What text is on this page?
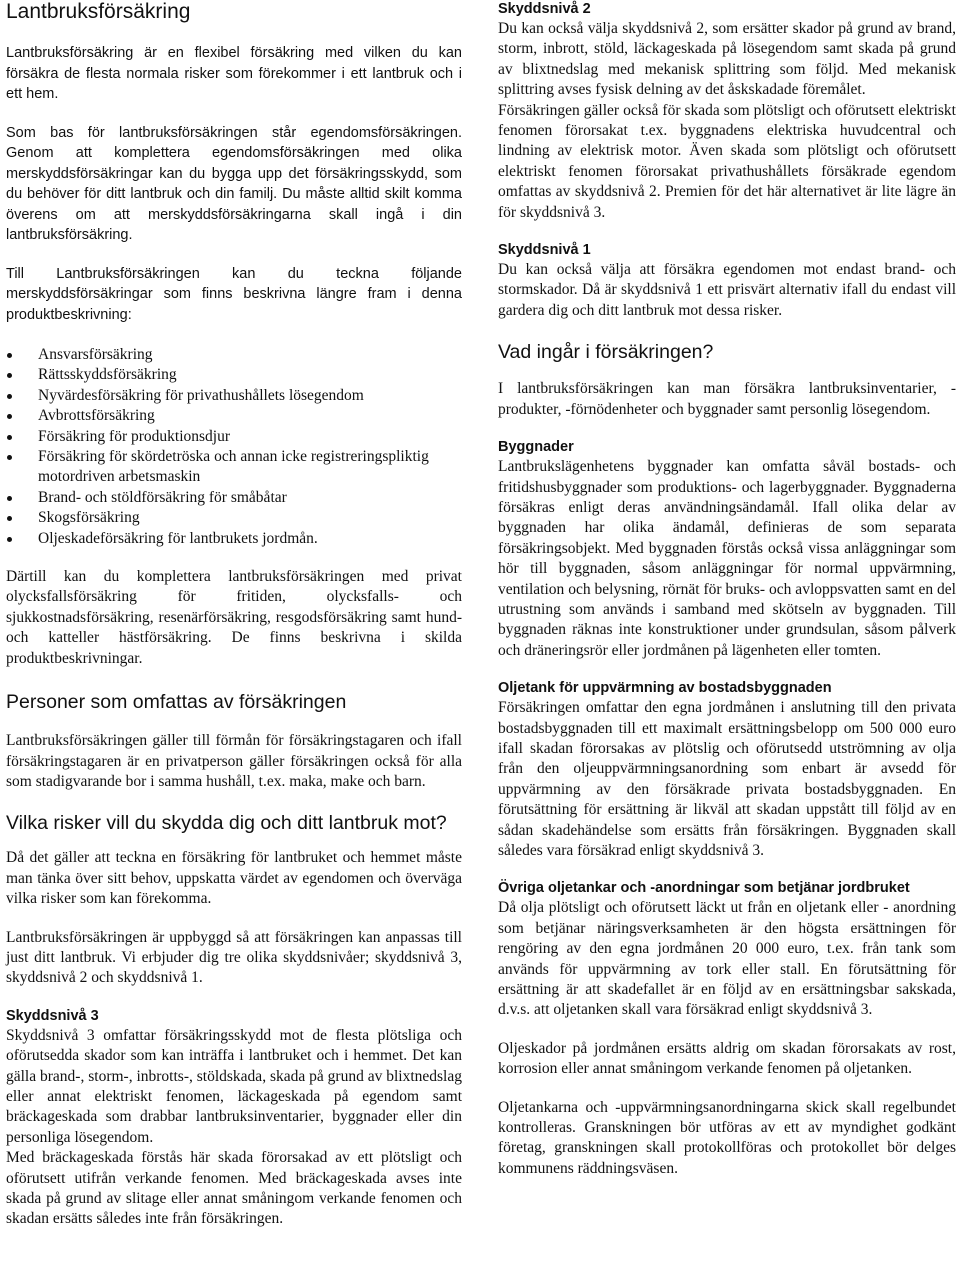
Lantbruksförsäkring

Lantbruksförsäkring är en flexibel försäkring med vilken du kan försäkra de flesta normala risker som förekommer i ett lantbruk och i ett hem.

Som bas för lantbruksförsäkringen står egendomsförsäkringen. Genom att komplettera egendomsförsäkringen med olika merskyddsförsäkringar kan du bygga upp det försäkringsskydd, som du behöver för ditt lantbruk och din familj. Du måste alltid skilt komma överens om att merskyddsförsäkringarna skall ingå i din lantbruksförsäkring.

Till Lantbruksförsäkringen kan du teckna följande merskyddsförsäkringar som finns beskrivna längre fram i denna produktbeskrivning:

Ansvarsförsäkring
Rättsskyddsförsäkring
Nyvärdesförsäkring för privathushållets lösegendom
Avbrottsförsäkring
Försäkring för produktionsdjur
Försäkring för skördetröska och annan icke registreringspliktig motordriven arbetsmaskin
Brand- och stöldförsäkring för småbåtar
Skogsförsäkring
Oljeskadeförsäkring för lantbrukets jordmån.

Därtill kan du komplettera lantbruksförsäkringen med privat olycksfallsförsäkring för fritiden, olycksfalls- och sjukkostnadsförsäkring, resenärförsäkring, resgodsförsäkring samt hund- och katteller hästförsäkring. De finns beskrivna i skilda produktbeskrivningar.

Personer som omfattas av försäkringen

Lantbruksförsäkringen gäller till förmån för försäkringstagaren och ifall försäkringstagaren är en privatperson gäller försäkringen också för alla som stadigvarande bor i samma hushåll, t.ex. maka, make och barn.

Vilka risker vill du skydda dig och ditt lantbruk mot?

Då det gäller att teckna en försäkring för lantbruket och hemmet måste man tänka över sitt behov, uppskatta värdet av egendomen och överväga vilka risker som kan förekomma.

Lantbruksförsäkringen är uppbyggd så att försäkringen kan anpassas till just ditt lantbruk. Vi erbjuder dig tre olika skyddsnivåer; skyddsnivå 3, skyddsnivå 2 och skyddsnivå 1.

Skyddsnivå 3

Skyddsnivå 3 omfattar försäkringsskydd mot de flesta plötsliga och oförutsedda skador som kan inträffa i lantbruket och i hemmet. Det kan gälla brand-, storm-, inbrotts-, stöldskada, skada på grund av blixtnedslag eller annat elektriskt fenomen, läckageskada på egendom samt bräckageskada som drabbar lantbruksinventarier, byggnader eller din personliga lösegendom.

Med bräckageskada förstås här skada förorsakad av ett plötsligt och oförutsett utifrån verkande fenomen. Med bräckageskada avses inte skada på grund av slitage eller annat småningom verkande fenomen och skadan ersätts således inte från försäkringen.

Skyddsnivå 2

Du kan också välja skyddsnivå 2, som ersätter skador på grund av brand, storm, inbrott, stöld, läckageskada på lösegendom samt skada på grund av blixtnedslag med mekanisk splittring som följd. Med mekanisk splittring avses fysisk delning av det åskskadade föremålet.

Försäkringen gäller också för skada som plötsligt och oförutsett elektriskt fenomen förorsakat t.ex. byggnadens elektriska huvudcentral och lindning av elektrisk motor. Även skada som plötsligt och oförutsett elektriskt fenomen förorsakat privathushållets försäkrade egendom omfattas av skyddsnivå 2. Premien för det här alternativet är lite lägre än för skyddsnivå 3.

Skyddsnivå 1

Du kan också välja att försäkra egendomen mot endast brand- och stormskador. Då är skyddsnivå 1 ett prisvärt alternativ ifall du endast vill gardera dig och ditt lantbruk mot dessa risker.

Vad ingår i försäkringen?

I lantbruksförsäkringen kan man försäkra lantbruksinventarier, - produkter, -förnödenheter och byggnader samt personlig lösegendom.

Byggnader

Lantbrukslägenhetens byggnader kan omfatta såväl bostads- och fritidshusbyggnader som produktions- och lagerbyggnader. Byggnaderna försäkras enligt deras användningsändamål. Ifall olika delar av byggnaden har olika ändamål, definieras de som separata försäkringsobjekt. Med byggnaden förstås också vissa anläggningar som hör till byggnaden, såsom anläggningar för normal uppvärmning, ventilation och belysning, rörnät för bruks- och avloppsvatten samt en del utrustning som används i samband med skötseln av byggnaden. Till byggnaden räknas inte konstruktioner under grundsulan, såsom pålverk och dräneringsrör eller jordmånen på lägenheten eller tomten.

Oljetank för uppvärmning av bostadsbyggnaden

Försäkringen omfattar den egna jordmånen i anslutning till den privata bostadsbyggnaden till ett maximalt ersättningsbelopp om 500 000 euro ifall skadan förorsakas av plötslig och oförutsedd utströmning av olja från den oljeuppvärmningsanordning som enbart är avsedd för uppvärmning av den försäkrade privata bostadsbyggnaden. En förutsättning för ersättning är likväl att skadan uppstått till följd av en sådan skadehändelse som ersätts från försäkringen. Byggnaden skall således vara försäkrad enligt skyddsnivå 3.

Övriga oljetankar och -anordningar som betjänar jordbruket

Då olja plötsligt och oförutsett läckt ut från en oljetank eller - anordning som betjänar näringsverksamheten är den högsta ersättningen för rengöring av den egna jordmånen 20 000 euro, t.ex. från tank som används för uppvärmning av tork eller stall. En förutsättning för ersättning är att skadefallet är en följd av en ersättningsbar sakskada, d.v.s. att oljetanken skall vara försäkrad enligt skyddsnivå 3.

Oljeskador på jordmånen ersätts aldrig om skadan förorsakats av rost, korrosion eller annat småningom verkande fenomen på oljetanken.

Oljetankarna och -uppvärmningsanordningarna skick skall regelbundet kontrolleras. Granskningen bör utföras av ett av myndighet godkänt företag, granskningen skall protokollföras och protokollet bör delges kommunens räddningsväsen.
